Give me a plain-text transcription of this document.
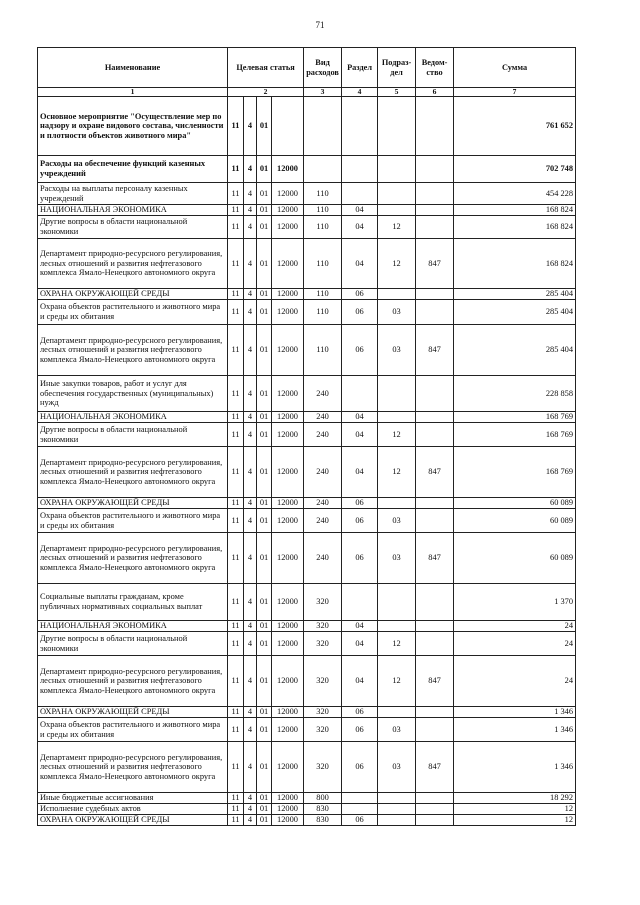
71
Наименование	Целевая статья				Вид расходов	Раздел	Подраз-дел	Ведом-ство	Сумма
1	2				3	4	5	6	7
Основное мероприятие "Осуществление мер по надзору и охране видового состава, численности и плотности объектов животного мира"	11	4	01						761 652
Расходы на обеспечение функций казенных учреждений	11	4	01	12000					702 748
Расходы на выплаты персоналу казенных учреждений	11	4	01	12000	110				454 228
НАЦИОНАЛЬНАЯ ЭКОНОМИКА	11	4	01	12000	110	04			168 824
Другие вопросы в области национальной экономики	11	4	01	12000	110	04	12		168 824
Департамент природно-ресурсного регулирования, лесных отношений и развития нефтегазового комплекса Ямало-Ненецкого автономного округа	11	4	01	12000	110	04	12	847	168 824
ОХРАНА ОКРУЖАЮЩЕЙ СРЕДЫ	11	4	01	12000	110	06			285 404
Охрана объектов растительного и животного мира и среды их обитания	11	4	01	12000	110	06	03		285 404
Департамент природно-ресурсного регулирования, лесных отношений и развития нефтегазового комплекса Ямало-Ненецкого автономного округа	11	4	01	12000	110	06	03	847	285 404
Иные закупки товаров, работ и услуг для обеспечения государственных (муниципальных) нужд	11	4	01	12000	240				228 858
НАЦИОНАЛЬНАЯ ЭКОНОМИКА	11	4	01	12000	240	04			168 769
Другие вопросы в области национальной экономики	11	4	01	12000	240	04	12		168 769
Департамент природно-ресурсного регулирования, лесных отношений и развития нефтегазового комплекса Ямало-Ненецкого автономного округа	11	4	01	12000	240	04	12	847	168 769
ОХРАНА ОКРУЖАЮЩЕЙ СРЕДЫ	11	4	01	12000	240	06			60 089
Охрана объектов растительного и животного мира и среды их обитания	11	4	01	12000	240	06	03		60 089
Департамент природно-ресурсного регулирования, лесных отношений и развития нефтегазового комплекса Ямало-Ненецкого автономного округа	11	4	01	12000	240	06	03	847	60 089
Социальные выплаты гражданам, кроме публичных нормативных социальных выплат	11	4	01	12000	320				1 370
НАЦИОНАЛЬНАЯ ЭКОНОМИКА	11	4	01	12000	320	04			24
Другие вопросы в области национальной экономики	11	4	01	12000	320	04	12		24
Департамент природно-ресурсного регулирования, лесных отношений и развития нефтегазового комплекса Ямало-Ненецкого автономного округа	11	4	01	12000	320	04	12	847	24
ОХРАНА ОКРУЖАЮЩЕЙ СРЕДЫ	11	4	01	12000	320	06			1 346
Охрана объектов растительного и животного мира и среды их обитания	11	4	01	12000	320	06	03		1 346
Департамент природно-ресурсного регулирования, лесных отношений и развития нефтегазового комплекса Ямало-Ненецкого автономного округа	11	4	01	12000	320	06	03	847	1 346
Иные бюджетные ассигнования	11	4	01	12000	800				18 292
Исполнение судебных актов	11	4	01	12000	830				12
ОХРАНА ОКРУЖАЮЩЕЙ СРЕДЫ	11	4	01	12000	830	06			12
